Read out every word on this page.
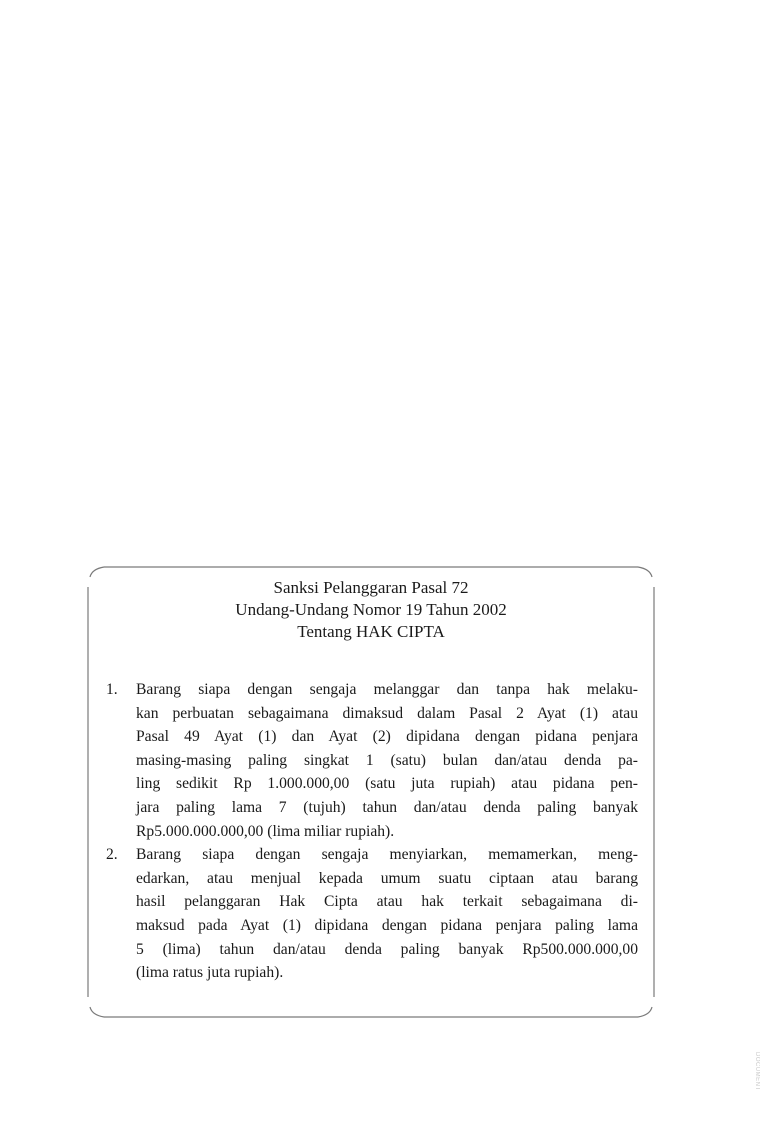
Sanksi Pelanggaran Pasal 72
Undang-Undang Nomor 19 Tahun 2002
Tentang HAK CIPTA
1. Barang siapa dengan sengaja melanggar dan tanpa hak melaku-
kan perbuatan sebagaimana dimaksud dalam Pasal 2 Ayat (1) atau
Pasal 49 Ayat (1) dan Ayat (2) dipidana dengan pidana penjara
masing-masing paling singkat 1 (satu) bulan dan/atau denda pa-
ling sedikit Rp 1.000.000,00 (satu juta rupiah) atau pidana pen-
jara paling lama 7 (tujuh) tahun dan/atau denda paling banyak
Rp5.000.000.000,00 (lima miliar rupiah).
2. Barang siapa dengan sengaja menyiarkan, memamerkan, meng-
edarkan, atau menjual kepada umum suatu ciptaan atau barang
hasil pelanggaran Hak Cipta atau hak terkait sebagaimana di-
maksud pada Ayat (1) dipidana dengan pidana penjara paling lama
5 (lima) tahun dan/atau denda paling banyak Rp500.000.000,00
(lima ratus juta rupiah).
DOCUMENT
